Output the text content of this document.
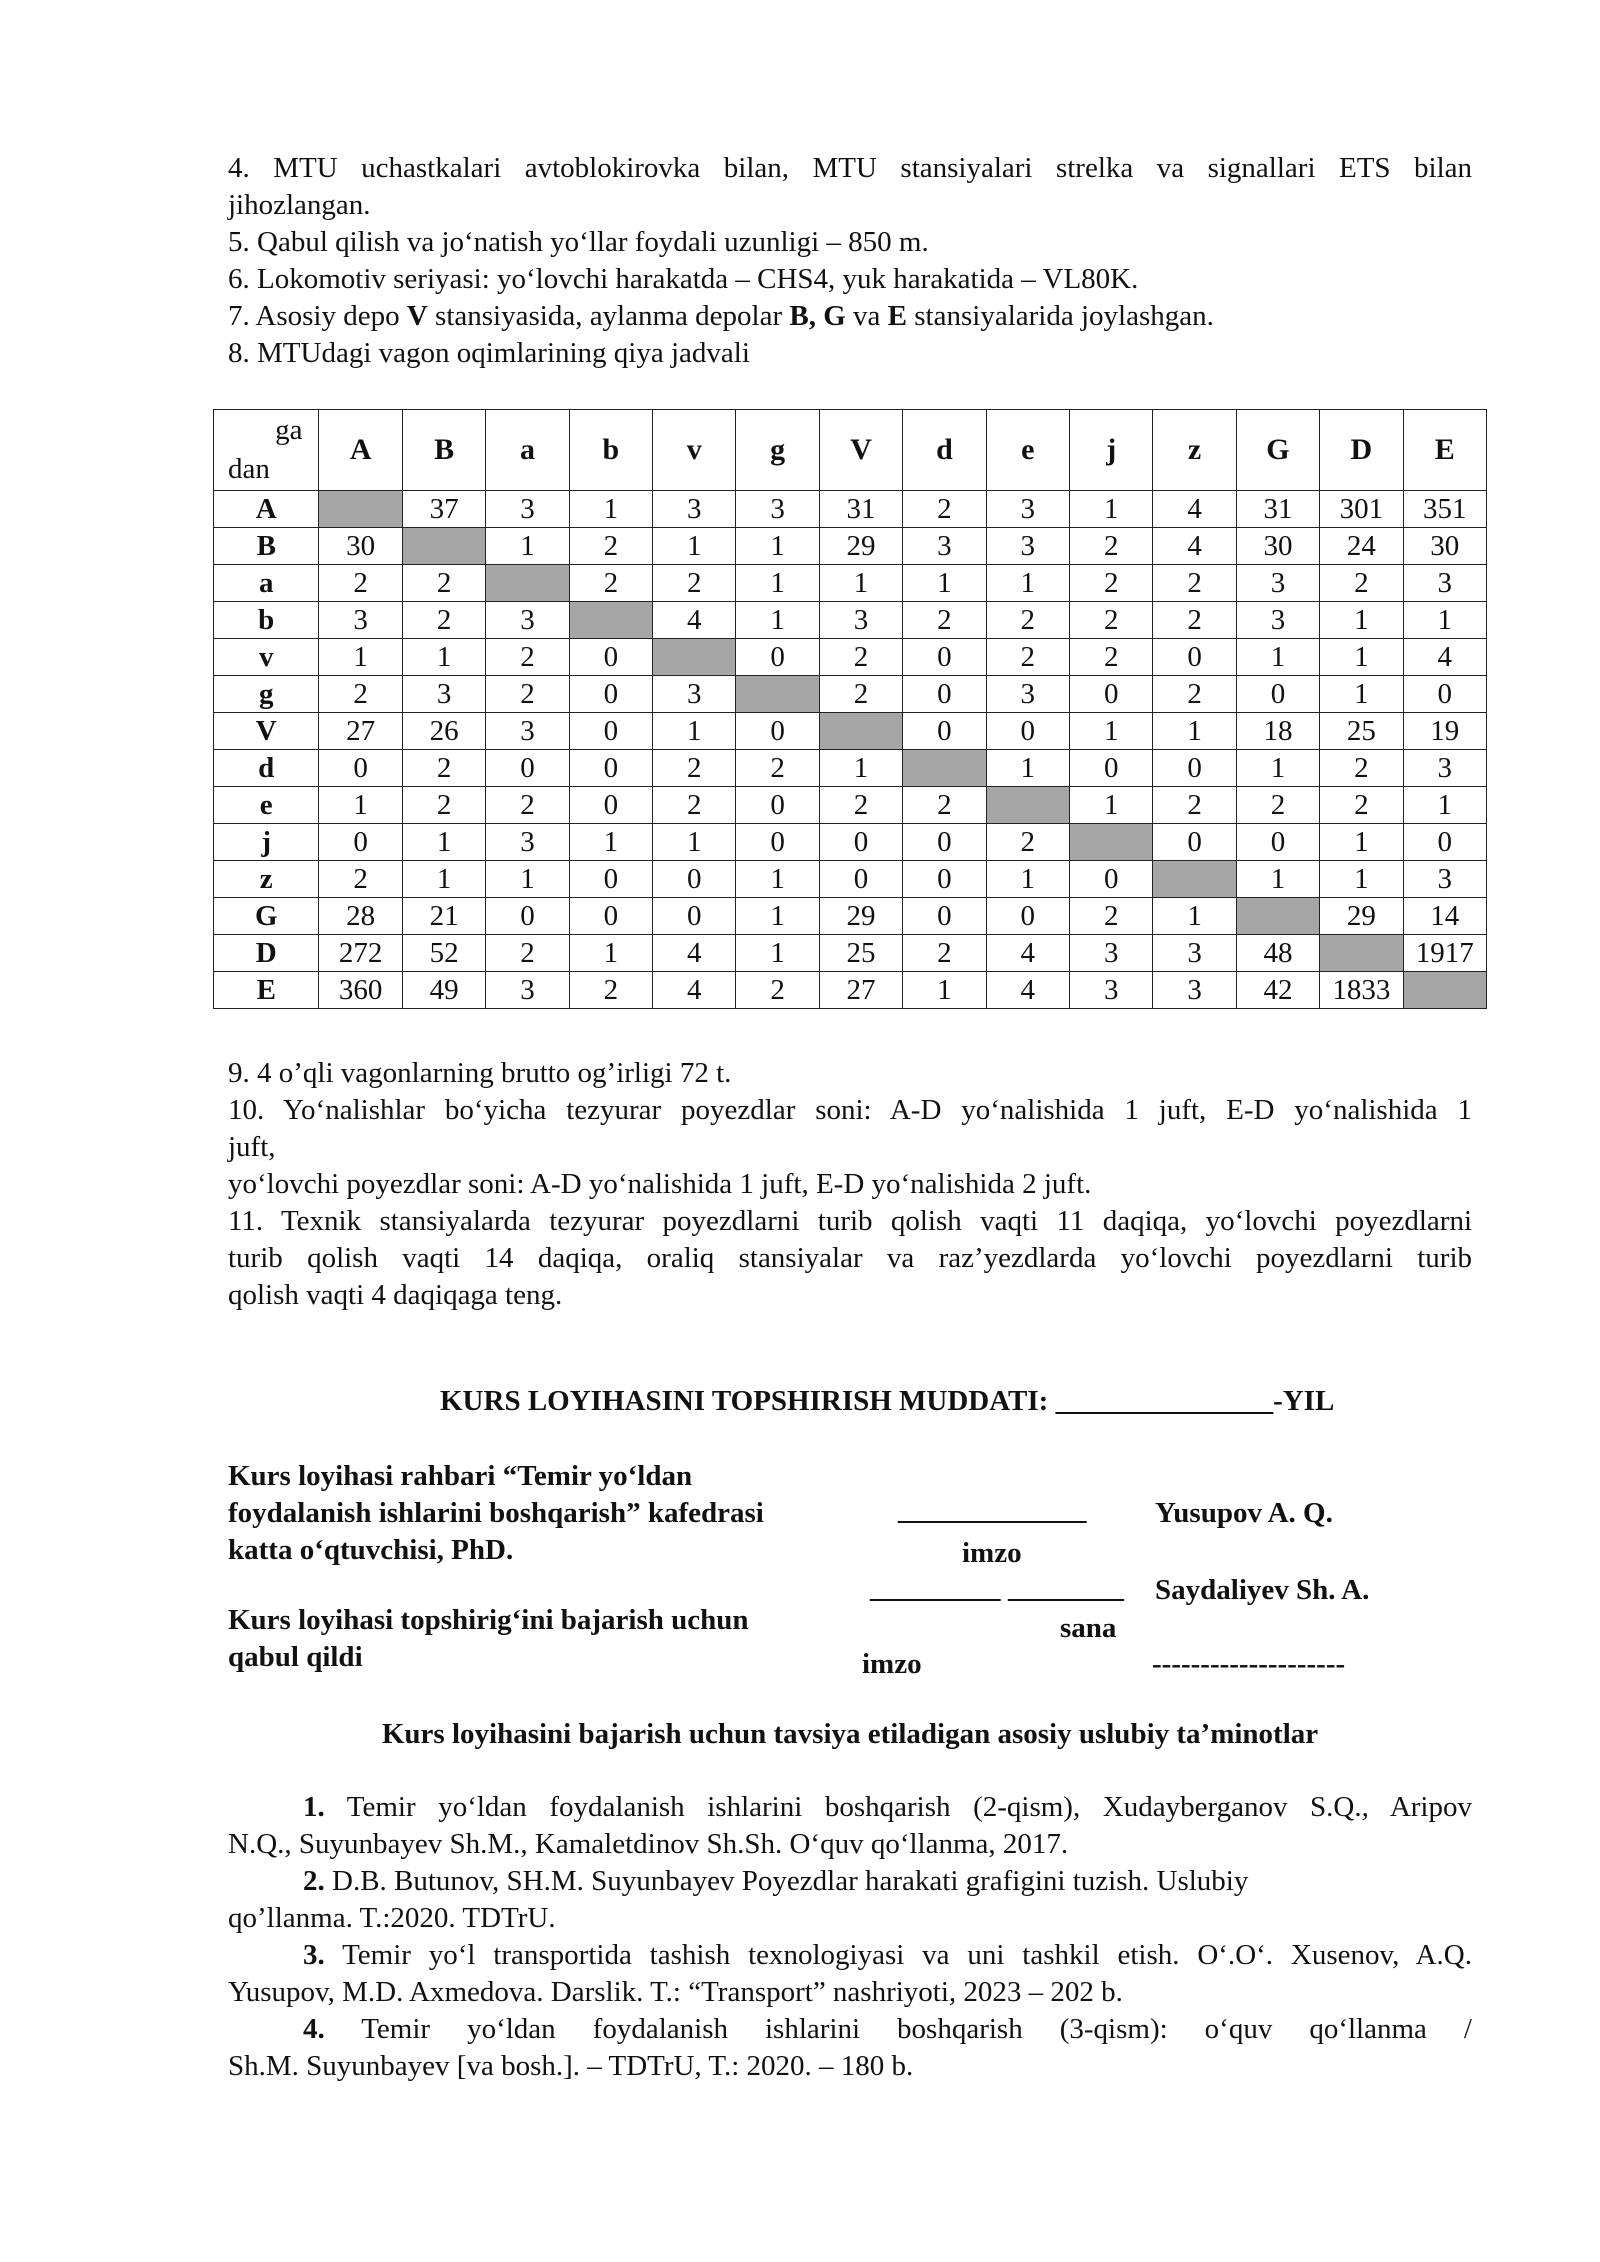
4. MTU uchastkalari avtoblokirovka bilan, MTU stansiyalari strelka va signallari ETS bilan
jihozlangan.
5. Qabul qilish va jo‘natish yo‘llar foydali uzunligi – 850 m.
6. Lokomotiv seriyasi: yo‘lovchi harakatda – CHS4, yuk harakatida – VL80K.
7. Asosiy depo V stansiyasida, aylanma depolar B, G va E stansiyalarida joylashgan.
8. MTUdagi vagon oqimlarining qiya jadvali
ga
dan	A	B	a	b	v	g	V	d	e	j	z	G	D	E
A		37	3	1	3	3	31	2	3	1	4	31	301	351
B	30		1	2	1	1	29	3	3	2	4	30	24	30
a	2	2		2	2	1	1	1	1	2	2	3	2	3
b	3	2	3		4	1	3	2	2	2	2	3	1	1
v	1	1	2	0		0	2	0	2	2	0	1	1	4
g	2	3	2	0	3		2	0	3	0	2	0	1	0
V	27	26	3	0	1	0		0	0	1	1	18	25	19
d	0	2	0	0	2	2	1		1	0	0	1	2	3
e	1	2	2	0	2	0	2	2		1	2	2	2	1
j	0	1	3	1	1	0	0	0	2		0	0	1	0
z	2	1	1	0	0	1	0	0	1	0		1	1	3
G	28	21	0	0	0	1	29	0	0	2	1		29	14
D	272	52	2	1	4	1	25	2	4	3	3	48		1917
E	360	49	3	2	4	2	27	1	4	3	3	42	1833	
9. 4 o’qli vagonlarning brutto og’irligi 72 t.
10. Yo‘nalishlar bo‘yicha tezyurar poyezdlar soni: A-D yo‘nalishida 1 juft, E-D yo‘nalishida 1
juft,
yo‘lovchi poyezdlar soni: A-D yo‘nalishida 1 juft, E-D yo‘nalishida 2 juft.
11. Texnik stansiyalarda tezyurar poyezdlarni turib qolish vaqti 11 daqiqa, yo‘lovchi poyezdlarni
turib qolish vaqti 14 daqiqa, oraliq stansiyalar va raz’yezdlarda yo‘lovchi poyezdlarni turib
qolish vaqti 4 daqiqaga teng.
KURS LOYIHASINI TOPSHIRISH MUDDATI: _______________-YIL
Kurs loyihasi rahbari “Temir yo‘ldan
foydalanish ishlarini boshqarish” kafedrasi
katta o‘qtuvchisi, PhD.
_____________
imzo
Yusupov A. Q.
_________ ________ Saydaliyev Sh. A.
Kurs loyihasi topshirig‘ini bajarish uchun
qabul qildi
sana
imzo	--------------------
Kurs loyihasini bajarish uchun tavsiya etiladigan asosiy uslubiy ta’minotlar
1. Temir yo‘ldan foydalanish ishlarini boshqarish (2-qism), Xudayberganov S.Q., Aripov
N.Q., Suyunbayev Sh.M., Kamaletdinov Sh.Sh. O‘quv qo‘llanma, 2017.
2. D.B. Butunov, SH.M. Suyunbayev Poyezdlar harakati grafigini tuzish. Uslubiy
qo’llanma. T.:2020. TDTrU.
3. Temir yo‘l transportida tashish texnologiyasi va uni tashkil etish. O‘.O‘. Xusenov, A.Q.
Yusupov, M.D. Axmedova. Darslik. T.: “Transport” nashriyoti, 2023 – 202 b.
4. Temir yo‘ldan foydalanish ishlarini boshqarish (3-qism): o‘quv qo‘llanma /
Sh.M. Suyunbayev [va bosh.]. – TDTrU, T.: 2020. – 180 b.
